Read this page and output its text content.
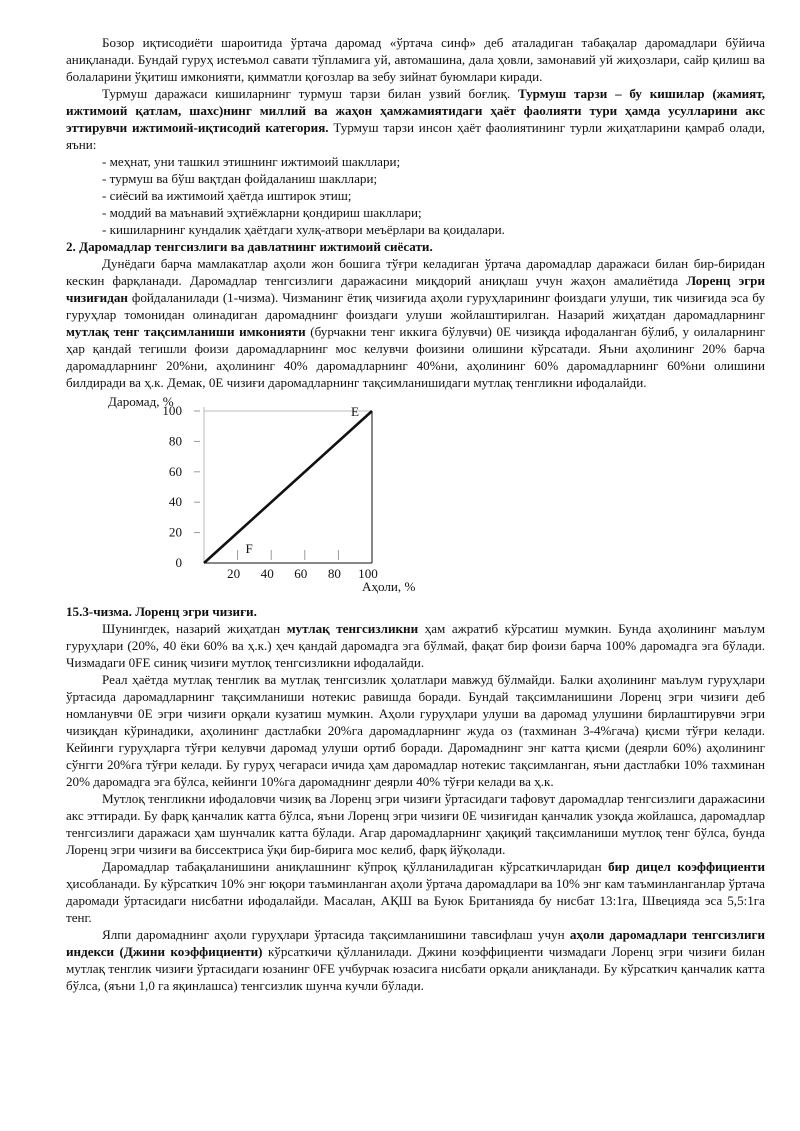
Бозор иқтисодиёти шароитида ўртача даромад «ўртача синф» деб аталадиган табақалар даромадлари бўйича аниқланади. Бундай гуруҳ истеъмол савати тўпламига уй, автомашина, дала ҳовли, замонавий уй жиҳозлари, сайр қилиш ва болаларини ўқитиш имконияти, қимматли қоғозлар ва зебу зийнат буюмлари киради.

Турмуш даражаси кишиларнинг турмуш тарзи билан узвий боғлиқ. Турмуш тарзи – бу кишилар (жамият, ижтимоий қатлам, шахс)нинг миллий ва жаҳон ҳамжамиятидаги ҳаёт фаолияти тури ҳамда усулларини акс эттирувчи ижтимоий-иқтисодий категория. Турмуш тарзи инсон ҳаёт фаолиятининг турли жиҳатларини қамраб олади, яъни:

- меҳнат, уни ташкил этишнинг ижтимоий шакллари;
- турмуш ва бўш вақтдан фойдаланиш шакллари;
- сиёсий ва ижтимоий ҳаётда иштирок этиш;
- моддий ва маънавий эҳтиёжларни қондириш шакллари;
- кишиларнинг кундалик ҳаётдаги хулқ-атвори меъёрлари ва қоидалари.

2. Даромадлар тенгсизлиги ва давлатнинг ижтимоий сиёсати.

Дунёдаги барча мамлакатлар аҳоли жон бошига тўғри келадиган ўртача даромадлар даражаси билан бир-биридан кескин фарқланади. Даромадлар тенгсизлиги даражасини миқдорий аниқлаш учун жаҳон амалиётида Лоренц эгри чизиғидан фойдаланилади (1-чизма). Чизманинг ётиқ чизиғида аҳоли гуруҳларининг фоиздаги улуши, тик чизиғида эса бу гуруҳлар томонидан олинадиган даромаднинг фоиздаги улуши жойлаштирилган. Назарий жиҳатдан даромадларнинг мутлақ тенг тақсимланиши имконияти (бурчакни тенг иккига бўлувчи) 0E чизиқда ифодаланган бўлиб, у оилаларнинг ҳар қандай тегишли фоизи даромадларнинг мос келувчи фоизини олишини кўрсатади. Яъни аҳолининг 20% барча даромадларнинг 20%ни, аҳолининг 40% даромадларнинг 40%ни, аҳолининг 60% даромадларнинг 60%ни олишини билдиради ва ҳ.к. Демак, 0E чизиғи даромадларнинг тақсимланишидаги мутлақ тенгликни ифодалайди.

Даромад, %
Аҳоли, %
0
20
40
60
80
100
20 40 60 80 100
E
F

15.3-чизма. Лоренц эгри чизиғи.

Шунингдек, назарий жиҳатдан мутлақ тенгсизликни ҳам ажратиб кўрсатиш мумкин. Бунда аҳолининг маълум гуруҳлари (20%, 40 ёки 60% ва ҳ.к.) ҳеч қандай даромадга эга бўлмай, фақат бир фоизи барча 100% даромадга эга бўлади. Чизмадаги 0FE синиқ чизиғи мутлоқ тенгсизликни ифодалайди.

Реал ҳаётда мутлақ тенглик ва мутлақ тенгсизлик ҳолатлари мавжуд бўлмайди. Балки аҳолининг маълум гуруҳлари ўртасида даромадларнинг тақсимланиши нотекис равишда боради. Бундай тақсимланишини Лоренц эгри чизиғи деб номланувчи 0E эгри чизиғи орқали кузатиш мумкин. Аҳоли гуруҳлари улуши ва даромад улушини бирлаштирувчи эгри чизиқдан кўринадики, аҳолининг дастлабки 20%га даромадларнинг жуда оз (тахминан 3-4%гача) қисми тўғри келади. Кейинги гуруҳларга тўғри келувчи даромад улуши ортиб боради. Даромаднинг энг катта қисми (деярли 60%) аҳолининг сўнгги 20%га тўғри келади. Бу гуруҳ чегараси ичида ҳам даромадлар нотекис тақсимланган, яъни дастлабки 10% тахминан 20% даромадга эга бўлса, кейинги 10%га даромаднинг деярли 40% тўғри келади ва ҳ.к.

Мутлоқ тенгликни ифодаловчи чизиқ ва Лоренц эгри чизиғи ўртасидаги тафовут даромадлар тенгсизлиги даражасини акс эттиради. Бу фарқ қанчалик катта бўлса, яъни Лоренц эгри чизиғи 0E чизиғидан қанчалик узоқда жойлашса, даромадлар тенгсизлиги даражаси ҳам шунчалик катта бўлади. Агар даромадларнинг ҳақиқий тақсимланиши мутлоқ тенг бўлса, бунда Лоренц эгри чизиғи ва биссектриса ўқи бир-бирига мос келиб, фарқ йўқолади.

Даромадлар табақаланишини аниқлашнинг кўпроқ қўлланиладиган кўрсаткичларидан бир дицел коэффициенти ҳисобланади. Бу кўрсаткич 10% энг юқори таъминланган аҳоли ўртача даромадлари ва 10% энг кам таъминланганлар ўртача даромади ўртасидаги нисбатни ифодалайди. Масалан, АҚШ ва Буюк Британияда бу нисбат 13:1га, Швецияда эса 5,5:1га тенг.

Ялпи даромаднинг аҳоли гуруҳлари ўртасида тақсимланишини тавсифлаш учун аҳоли даромадлари тенгсизлиги индекси (Джини коэффициенти) кўрсаткичи қўлланилади. Джини коэффициенти чизмадаги Лоренц эгри чизиғи билан мутлақ тенглик чизиғи ўртасидаги юзанинг 0FE учбурчак юзасига нисбати орқали аниқланади. Бу кўрсаткич қанчалик катта бўлса, (яъни 1,0 га яқинлашса) тенгсизлик шунча кучли бўлади.
